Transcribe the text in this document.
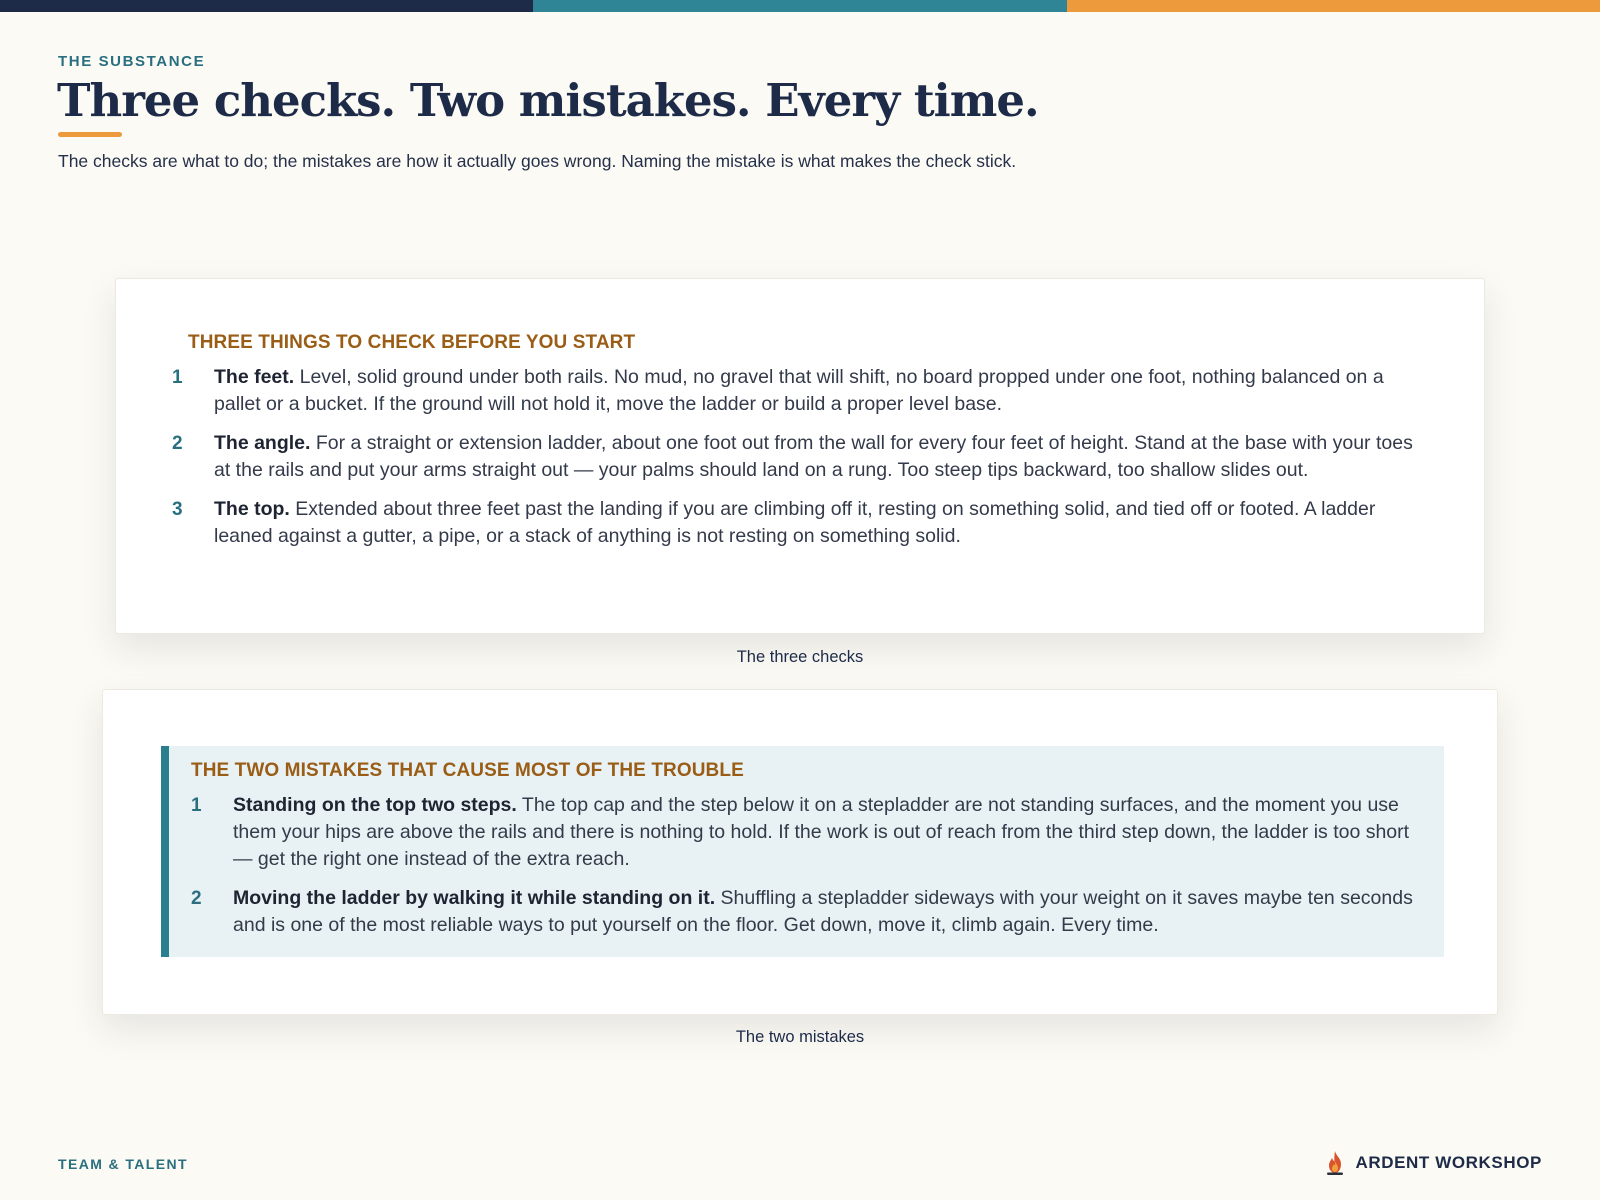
THE SUBSTANCE
Three checks. Two mistakes. Every time.

The checks are what to do; the mistakes are how it actually goes wrong. Naming the mistake is what makes the check stick.

THREE THINGS TO CHECK BEFORE YOU START
1	The feet. Level, solid ground under both rails. No mud, no gravel that will shift, no board propped under one foot, nothing balanced on a pallet or a bucket. If the ground will not hold it, move the ladder or build a proper level base.
2	The angle. For a straight or extension ladder, about one foot out from the wall for every four feet of height. Stand at the base with your toes at the rails and put your arms straight out — your palms should land on a rung. Too steep tips backward, too shallow slides out.
3	The top. Extended about three feet past the landing if you are climbing off it, resting on something solid, and tied off or footed. A ladder leaned against a gutter, a pipe, or a stack of anything is not resting on something solid.
The three checks
THE TWO MISTAKES THAT CAUSE MOST OF THE TROUBLE
1	Standing on the top two steps. The top cap and the step below it on a stepladder are not standing surfaces, and the moment you use them your hips are above the rails and there is nothing to hold. If the work is out of reach from the third step down, the ladder is too short — get the right one instead of the extra reach.
2	Moving the ladder by walking it while standing on it. Shuffling a stepladder sideways with your weight on it saves maybe ten seconds and is one of the most reliable ways to put yourself on the floor. Get down, move it, climb again. Every time.
The two mistakes
TEAM & TALENT	ARDENT WORKSHOP
